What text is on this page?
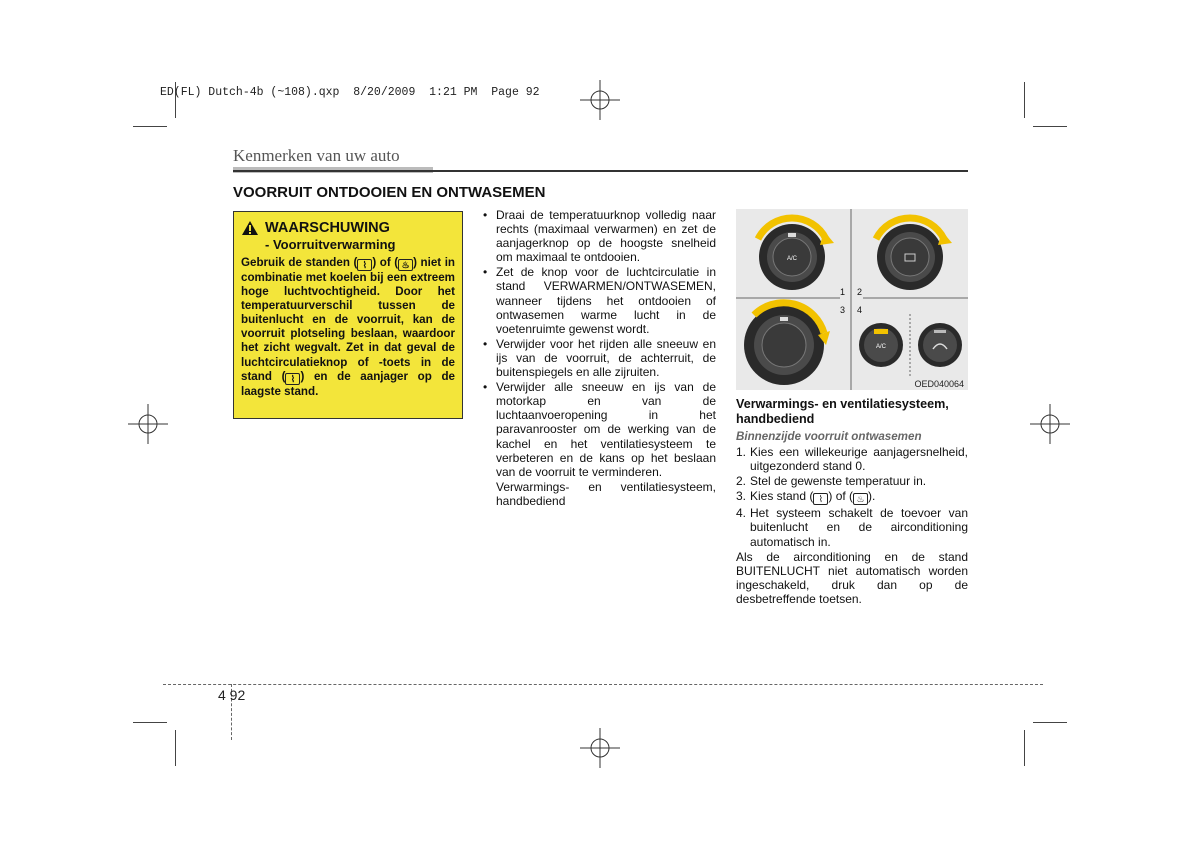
ED(FL) Dutch-4b (~108).qxp  8/20/2009  1:21 PM  Page 92
Kenmerken van uw auto
VOORRUIT ONTDOOIEN EN ONTWASEMEN
WAARSCHUWING
- Voorruitverwarming
Gebruik de standen ( ⌇ ) of ( ♨ ) niet in combinatie met koelen bij een extreem hoge luchtvochtigheid. Door het temperatuurverschil tussen de buitenlucht en de voorruit, kan de voorruit plotseling beslaan, waardoor het zicht wegvalt. Zet in dat geval de luchtcirculatieknop of -toets in de stand ( ⌇ ) en de aanjager op de laagste stand.
• Draai de temperatuurknop volledig naar rechts (maximaal verwarmen) en zet de aanjagerknop op de hoogste snelheid om maximaal te ontdooien.
• Zet de knop voor de luchtcirculatie in stand VERWARMEN/ONTWASEMEN, wanneer tijdens het ontdooien of ontwasemen warme lucht in de voetenruimte gewenst wordt.
• Verwijder voor het rijden alle sneeuw en ijs van de voorruit, de achterruit, de buitenspiegels en alle zijruiten.
• Verwijder alle sneeuw en ijs van de motorkap en van de luchtaanvoeropening in het paravanrooster om de werking van de kachel en het ventilatiesysteem te verbeteren en de kans op het beslaan van de voorruit te verminderen.

Verwarmings- en ventilatiesysteem, handbediend

A/C
1 2
3 4
A/C
OED040064
Verwarmings- en ventilatiesysteem, handbediend
Binnenzijde voorruit ontwasemen
1. Kies een willekeurige aanjagersnelheid, uitgezonderd stand 0.
2. Stel de gewenste temperatuur in.
3. Kies stand ( ⌇ ) of ( ♨ ).
4. Het systeem schakelt de toevoer van buitenlucht en de airconditioning automatisch in.

Als de airconditioning en de stand BUITENLUCHT niet automatisch worden ingeschakeld, druk dan op de desbetreffende toetsen.

4 92
